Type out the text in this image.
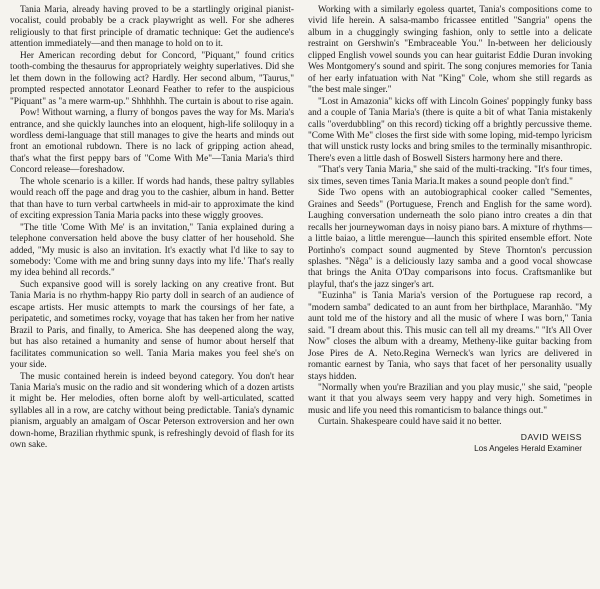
Tania Maria, already having proved to be a startlingly original pianist-vocalist, could probably be a crack playwright as well. For she adheres religiously to that first principle of dramatic technique: Get the audience's attention immediately—and then manage to hold on to it.

Her American recording debut for Concord, "Piquant," found critics tooth-combing the thesaurus for appropriately weighty superlatives. Did she let them down in the following act? Hardly. Her second album, "Taurus," prompted respected annotator Leonard Feather to refer to the auspicious "Piquant" as "a mere warm-up." Shhhhhh. The curtain is about to rise again.

Pow! Without warning, a flurry of bongos paves the way for Ms. Maria's entrance, and she quickly launches into an eloquent, high-life soliloquy in a wordless demi-language that still manages to give the hearts and minds out front an emotional rubdown. There is no lack of gripping action ahead, that's what the first peppy bars of "Come With Me"—Tania Maria's third Concord release—foreshadow.

The whole scenario is a killer. If words had hands, these paltry syllables would reach off the page and drag you to the cashier, album in hand. Better that than have to turn verbal cartwheels in mid-air to approximate the kind of exciting expression Tania Maria packs into these wiggly grooves.

"The title 'Come With Me' is an invitation," Tania explained during a telephone conversation held above the busy clatter of her household. She added, "My music is also an invitation. It's exactly what I'd like to say to somebody: 'Come with me and bring sunny days into my life.' That's really my idea behind all records."

Such expansive good will is sorely lacking on any creative front. But Tania Maria is no rhythm-happy Rio party doll in search of an audience of escape artists. Her music attempts to mark the coursings of her fate, a peripatetic, and sometimes rocky, voyage that has taken her from her native Brazil to Paris, and finally, to America. She has deepened along the way, but has also retained a humanity and sense of humor about herself that facilitates communication so well. Tania Maria makes you feel she's on your side.

The music contained herein is indeed beyond category. You don't hear Tania Maria's music on the radio and sit wondering which of a dozen artists it might be. Her melodies, often borne aloft by well-articulated, scatted syllables all in a row, are catchy without being predictable. Tania's dynamic pianism, arguably an amalgam of Oscar Peterson extroversion and her own down-home, Brazilian rhythmic spunk, is refreshingly devoid of flash for its own sake.

Working with a similarly egoless quartet, Tania's compositions come to vivid life herein. A salsa-mambo fricassee entitled "Sangria" opens the album in a chuggingly swinging fashion, only to settle into a delicate restraint on Gershwin's "Embraceable You." In-between her deliciously clipped English vowel sounds you can hear guitarist Eddie Duran invoking Wes Montgomery's sound and spirit. The song conjures memories for Tania of her early infatuation with Nat "King" Cole, whom she still regards as "the best male singer."

"Lost in Amazonia" kicks off with Lincoln Goines' poppingly funky bass and a couple of Tania Maria's (there is quite a bit of what Tania mistakenly calls "overdubbling" on this record) ticking off a brightly percussive theme. "Come With Me" closes the first side with some loping, mid-tempo lyricism that will unstick rusty locks and bring smiles to the terminally misanthropic. There's even a little dash of Boswell Sisters harmony here and there.

"That's very Tania Maria," she said of the multi-tracking. "It's four times, six times, seven times Tania Maria.It makes a sound people don't find."

Side Two opens with an autobiographical cooker called "Sementes, Graines and Seeds" (Portuguese, French and English for the same word). Laughing conversation underneath the solo piano intro creates a din that recalls her journeywoman days in noisy piano bars. A mixture of rhythms—a little baiao, a little merengue—launch this spirited ensemble effort. Note Portinho's compact sound augmented by Steve Thornton's percussion splashes. "Nêga" is a deliciously lazy samba and a good vocal showcase that brings the Anita O'Day comparisons into focus. Craftsmanlike but playful, that's the jazz singer's art.

"Euzinha" is Tania Maria's version of the Portuguese rap record, a "modern samba" dedicated to an aunt from her birthplace, Maranhão. "My aunt told me of the history and all the music of where I was born," Tania said. "I dream about this. This music can tell all my dreams." "It's All Over Now" closes the album with a dreamy, Metheny-like guitar backing from Jose Pires de A. Neto.Regina Werneck's wan lyrics are delivered in romantic earnest by Tania, who says that facet of her personality usually stays hidden.

"Normally when you're Brazilian and you play music," she said, "people want it that you always seem very happy and very high. Sometimes in music and life you need this romanticism to balance things out."

Curtain. Shakespeare could have said it no better.

DAVID WEISS
Los Angeles Herald Examiner
